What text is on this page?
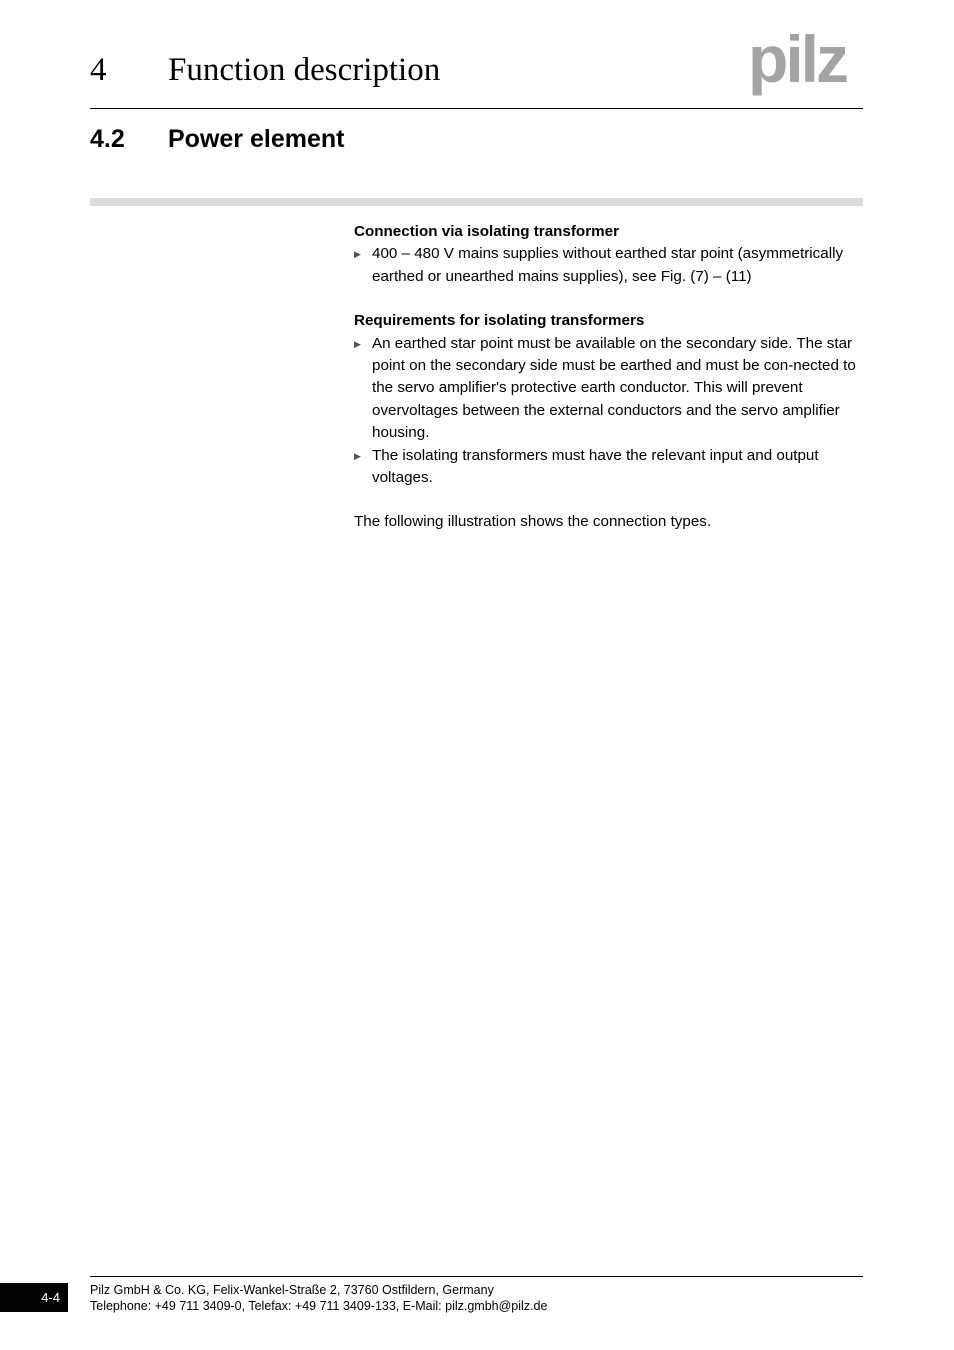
4 Function description	pilz
4.2 Power element

Connection via isolating transformer

▶ 400 – 480 V mains supplies without earthed star point (asymmetrically earthed or unearthed mains supplies), see Fig. (7) – (11)

Requirements for isolating transformers

▶ An earthed star point must be available on the secondary side. The star point on the secondary side must be earthed and must be con-nected to the servo amplifier's protective earth conductor. This will prevent overvoltages between the external conductors and the servo amplifier housing.
▶ The isolating transformers must have the relevant input and output voltages.

The following illustration shows the connection types.

4-4	Pilz GmbH & Co. KG, Felix-Wankel-Straße 2, 73760 Ostfildern, Germany
Telephone: +49 711 3409-0, Telefax: +49 711 3409-133, E-Mail: pilz.gmbh@pilz.de
